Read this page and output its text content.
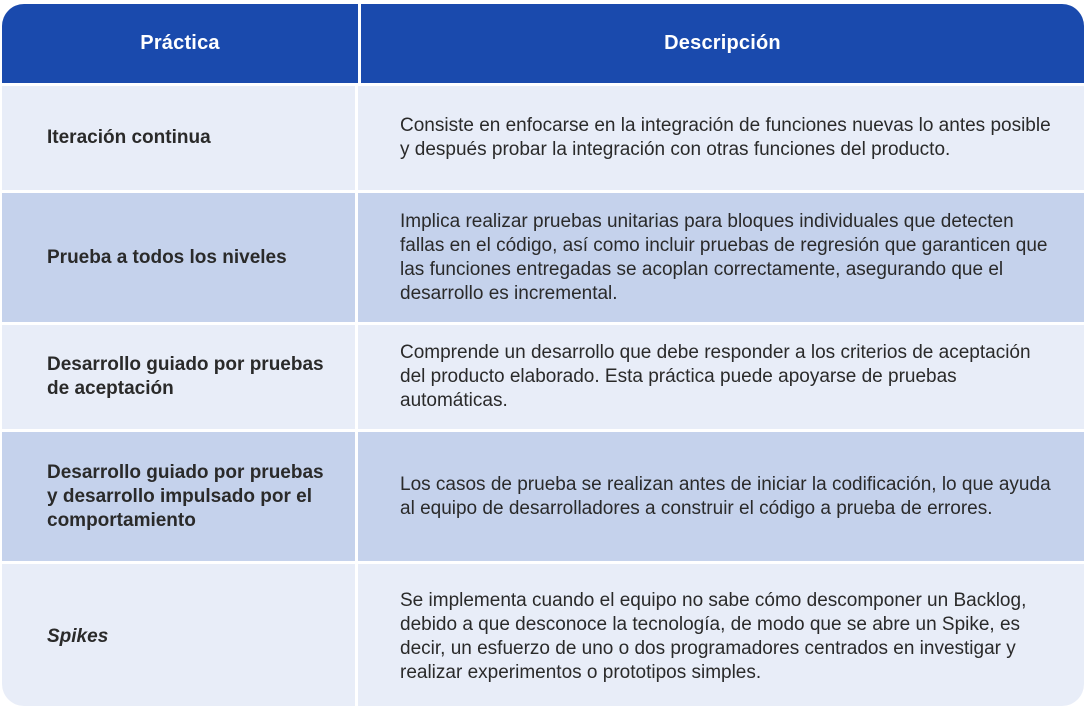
Práctica	Descripción
Iteración continua
Consiste en enfocarse en la integración de funciones nuevas lo antes posible y después probar la integración con otras funciones del producto.
Prueba a todos los niveles
Implica realizar pruebas unitarias para bloques individuales que detecten fallas en el código, así como incluir pruebas de regresión que garanticen que las funciones entregadas se acoplan correctamente, asegurando que el desarrollo es incremental.
Desarrollo guiado por pruebas de aceptación
Comprende un desarrollo que debe responder a los criterios de aceptación del producto elaborado. Esta práctica puede apoyarse de pruebas automáticas.
Desarrollo guiado por pruebas y desarrollo impulsado por el comportamiento
Los casos de prueba se realizan antes de iniciar la codificación, lo que ayuda al equipo de desarrolladores a construir el código a prueba de errores.
Spikes
Se implementa cuando el equipo no sabe cómo descomponer un Backlog, debido a que desconoce la tecnología, de modo que se abre un Spike, es decir, un esfuerzo de uno o dos programadores centrados en investigar y realizar experimentos o prototipos simples.
